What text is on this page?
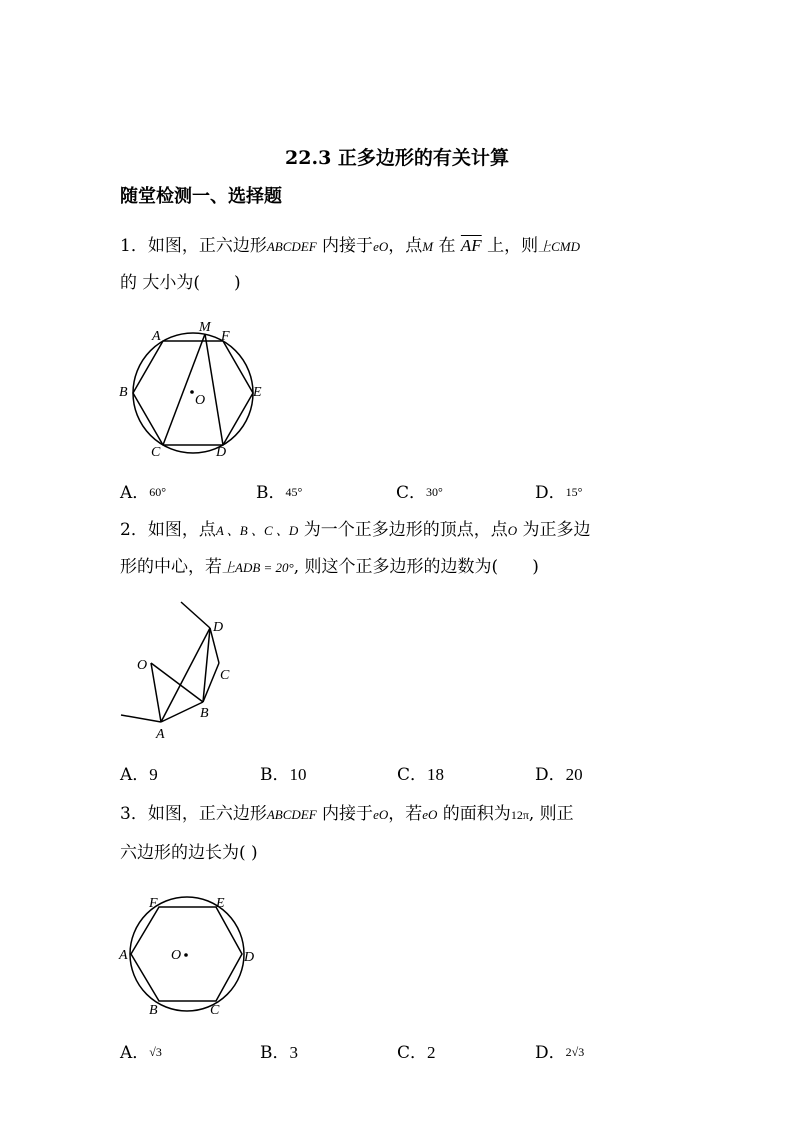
22.3 正多边形的有关计算
随堂检测一、选择题
1．如图，正六边形ABCDEF 内接于eO，点M 在 $\overline{AF}$ 上，则上CMD
的 大小为(　　)
A
M
F
B
O
E
C	D
A．60°	B．45°	C．30°	D．15°
2．如图，点A 、B 、C 、D 为一个正多边形的顶点，点O 为正多边
形的中心，若上ADB = 20°, 则这个正多边形的边数为(　　)
D
O
C
B
A
A．9	B．10	C．18	D．20
3．如图，正六边形ABCDEF 内接于eO，若eO 的面积为12π, 则正
六边形的边长为( )
F	E
A	O	D
B	C
A．√3	B．3	C．2	D．2√3
